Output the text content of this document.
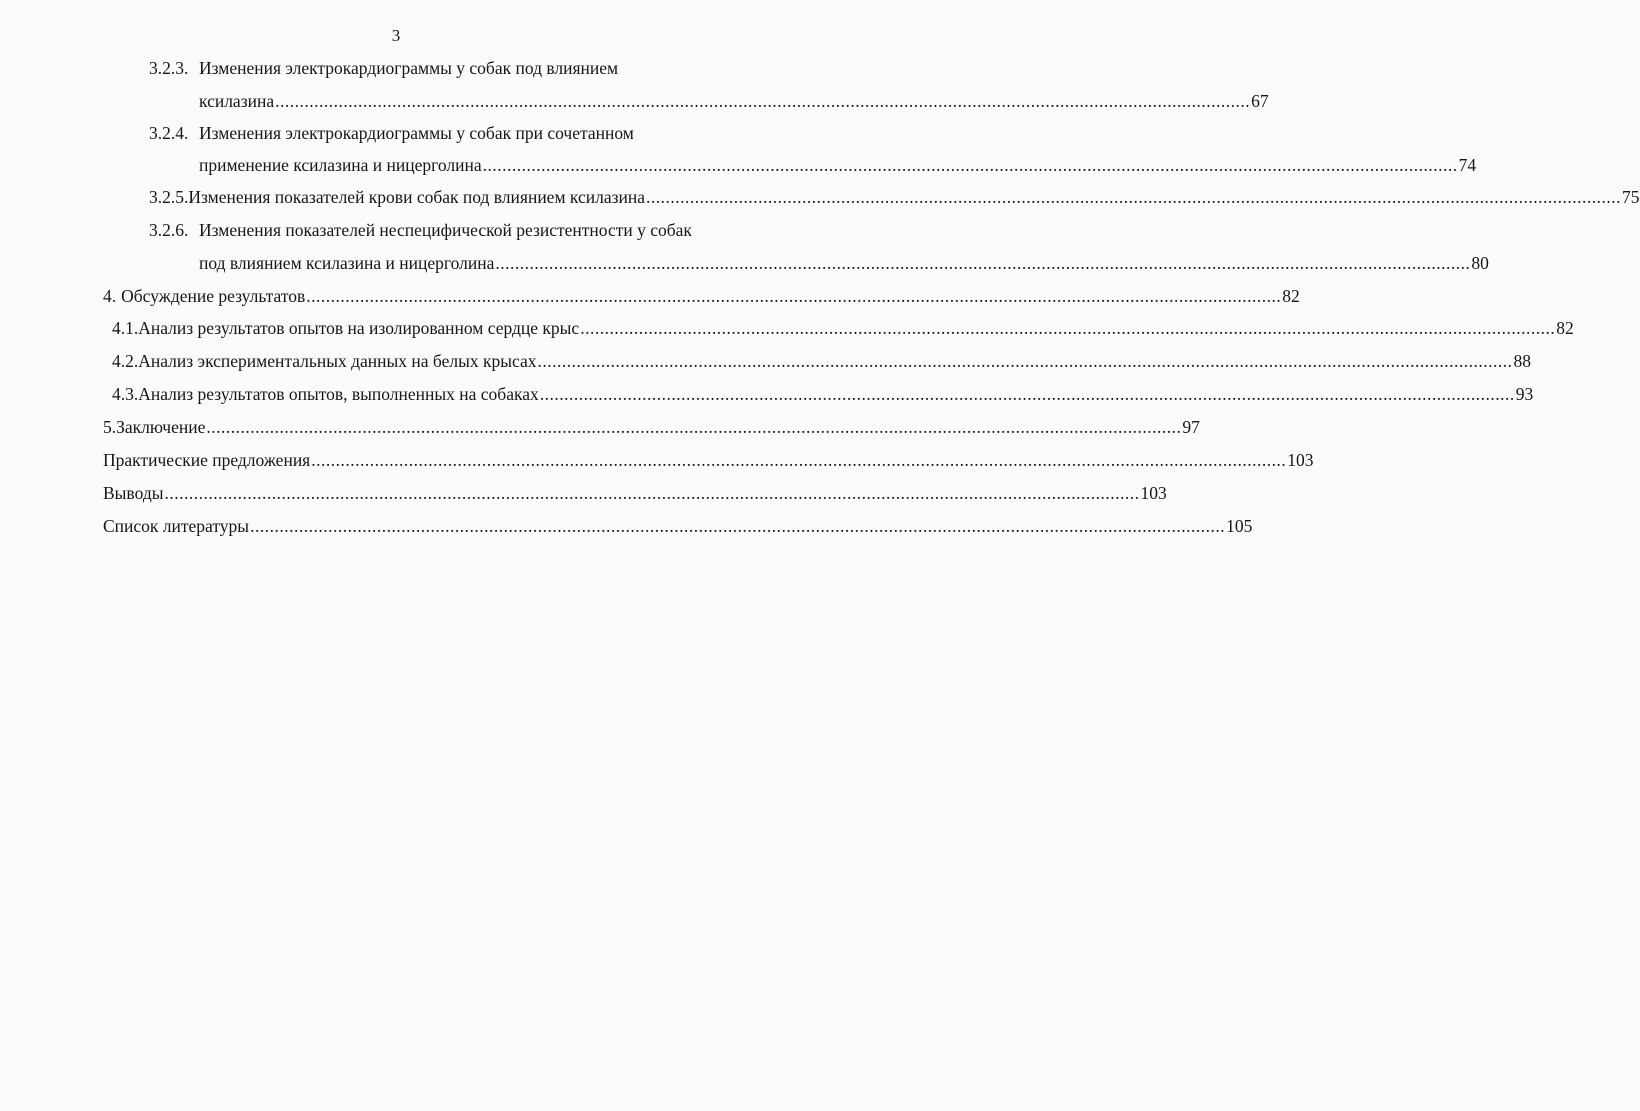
3
3.2.3. Изменения электрокардиограммы у собак под влиянием
ксилазина ........................................................................................................................................................................................................ 67
3.2.4. Изменения электрокардиограммы у собак при сочетанном
применение ксилазина и ницерголина ........................................................................................................................................................................................................ 74
3.2.5. Изменения показателей крови собак под влиянием ксилазина ........................................................................................................................................................................................................ 75
3.2.6. Изменения показателей неспецифической резистентности у собак
под влиянием ксилазина и ницерголина ........................................................................................................................................................................................................ 80
4. Обсуждение результатов ........................................................................................................................................................................................................ 82
4.1. Анализ результатов опытов на изолированном сердце крыс ........................................................................................................................................................................................................ 82
4.2. Анализ экспериментальных данных на белых крысах ........................................................................................................................................................................................................ 88
4.3. Анализ результатов опытов, выполненных на собаках ........................................................................................................................................................................................................ 93
5. Заключение ........................................................................................................................................................................................................ 97
Практические предложения ........................................................................................................................................................................................................ 103
Выводы ........................................................................................................................................................................................................ 103
Список литературы ........................................................................................................................................................................................................ 105
